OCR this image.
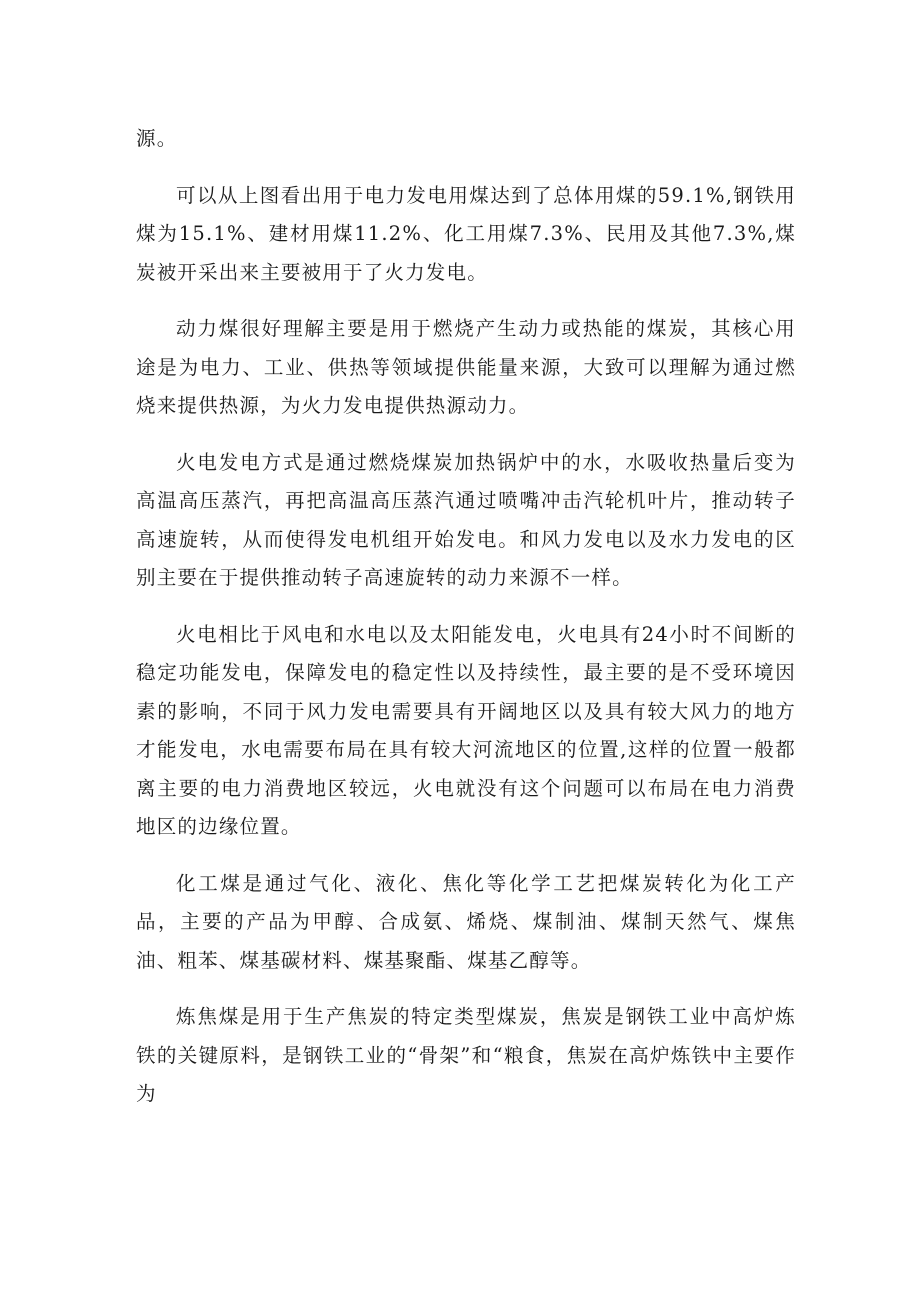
源。

可以从上图看出用于电力发电用煤达到了总体用煤的59.1%,钢铁用煤为15.1%、建材用煤11.2%、化工用煤7.3%、民用及其他7.3%,煤炭被开采出来主要被用于了火力发电。

动力煤很好理解主要是用于燃烧产生动力或热能的煤炭，其核心用途是为电力、工业、供热等领域提供能量来源，大致可以理解为通过燃烧来提供热源，为火力发电提供热源动力。

火电发电方式是通过燃烧煤炭加热锅炉中的水，水吸收热量后变为高温高压蒸汽，再把高温高压蒸汽通过喷嘴冲击汽轮机叶片，推动转子高速旋转，从而使得发电机组开始发电。和风力发电以及水力发电的区别主要在于提供推动转子高速旋转的动力来源不一样。

火电相比于风电和水电以及太阳能发电，火电具有24小时不间断的稳定功能发电，保障发电的稳定性以及持续性，最主要的是不受环境因素的影响，不同于风力发电需要具有开阔地区以及具有较大风力的地方才能发电，水电需要布局在具有较大河流地区的位置,这样的位置一般都离主要的电力消费地区较远，火电就没有这个问题可以布局在电力消费地区的边缘位置。

化工煤是通过气化、液化、焦化等化学工艺把煤炭转化为化工产品，主要的产品为甲醇、合成氨、烯烧、煤制油、煤制天然气、煤焦油、粗苯、煤基碳材料、煤基聚酯、煤基乙醇等。

炼焦煤是用于生产焦炭的特定类型煤炭，焦炭是钢铁工业中高炉炼铁的关键原料，是钢铁工业的“骨架”和“粮食，焦炭在高炉炼铁中主要作为
